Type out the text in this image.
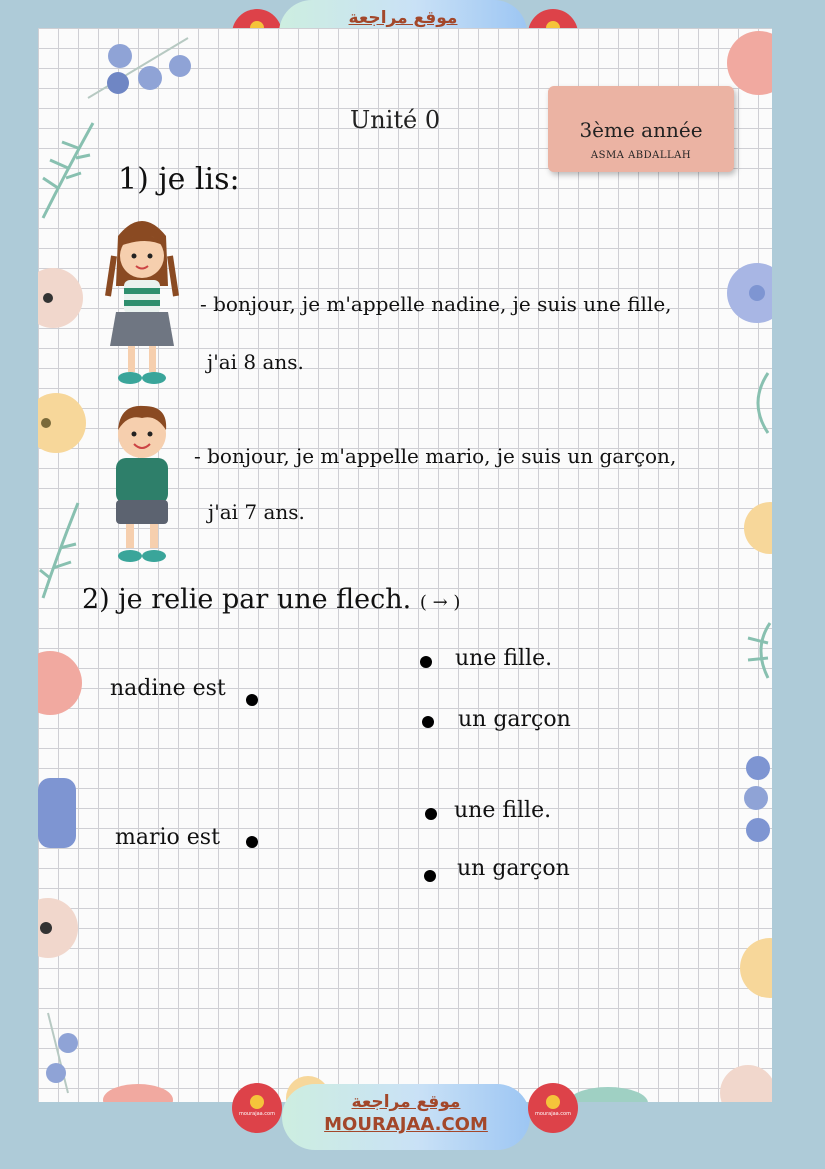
موقع مراجعة
Unité 0	3ème année
ASMA ABDALLAH
1) je lis:
- bonjour, je m'appelle nadine, je suis une fille,
j'ai 8 ans.
- bonjour, je m'appelle mario, je suis un garçon,
j'ai 7 ans.
2) je relie par une flech. ( → )
nadine est
une fille.
un garçon
mario est
une fille.
un garçon
mourajaa.com
موقع مراجعة
MOURAJAA.COM	mourajaa.com
